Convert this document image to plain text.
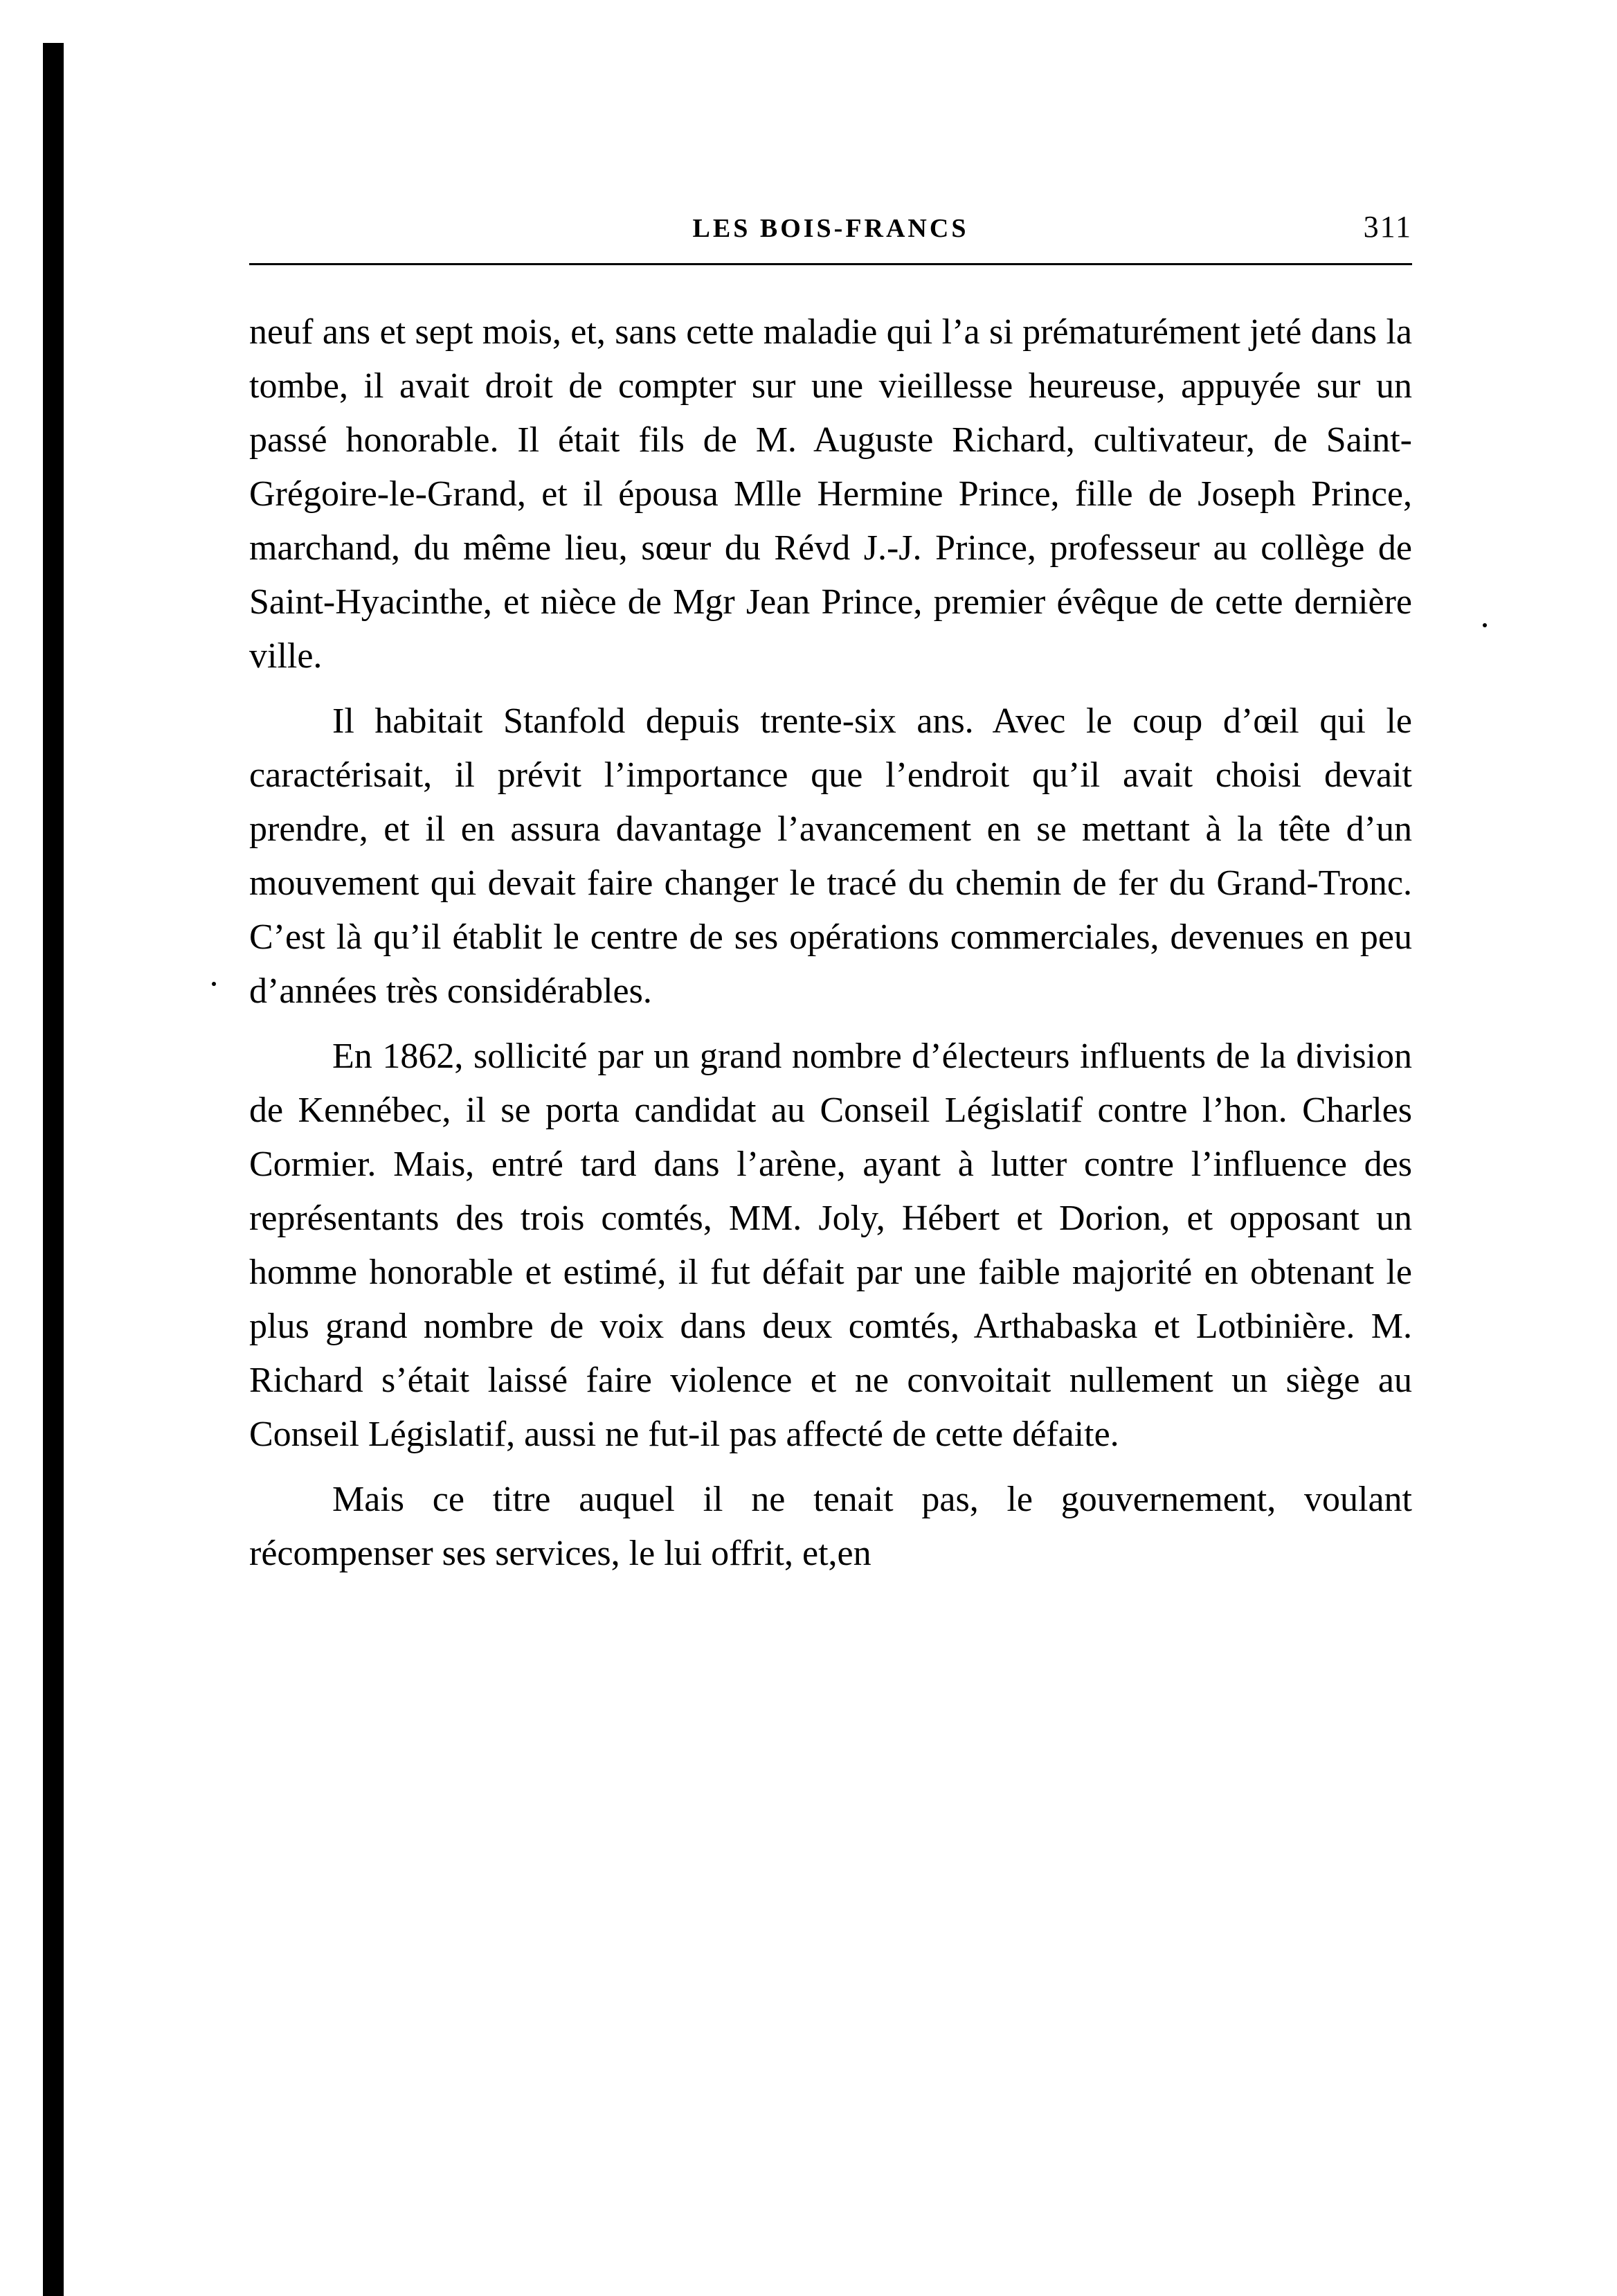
LES BOIS-FRANCS	311

neuf ans et sept mois, et, sans cette maladie qui l’a si prématurément jeté dans la tombe, il avait droit de compter sur une vieillesse heureuse, appuyée sur un passé honorable. Il était fils de M. Auguste Richard, cultivateur, de Saint-Grégoire-le-Grand, et il épousa Mlle Hermine Prince, fille de Joseph Prince, marchand, du même lieu, sœur du Révd J.-J. Prince, professeur au collège de Saint-Hyacinthe, et nièce de Mgr Jean Prince, premier évêque de cette dernière ville.

Il habitait Stanfold depuis trente-six ans. Avec le coup d’œil qui le caractérisait, il prévit l’importance que l’endroit qu’il avait choisi devait prendre, et il en assura davantage l’avancement en se mettant à la tête d’un mouvement qui devait faire changer le tracé du chemin de fer du Grand-Tronc. C’est là qu’il établit le centre de ses opérations commerciales, devenues en peu d’années très considérables.

En 1862, sollicité par un grand nombre d’électeurs influents de la division de Kennébec, il se porta candidat au Conseil Législatif contre l’hon. Charles Cormier. Mais, entré tard dans l’arène, ayant à lutter contre l’influence des représentants des trois comtés, MM. Joly, Hébert et Dorion, et opposant un homme honorable et estimé, il fut défait par une faible majorité en obtenant le plus grand nombre de voix dans deux comtés, Arthabaska et Lotbinière. M. Richard s’était laissé faire violence et ne convoitait nullement un siège au Conseil Législatif, aussi ne fut-il pas affecté de cette défaite.

Mais ce titre auquel il ne tenait pas, le gouvernement, voulant récompenser ses services, le lui offrit, et,en
